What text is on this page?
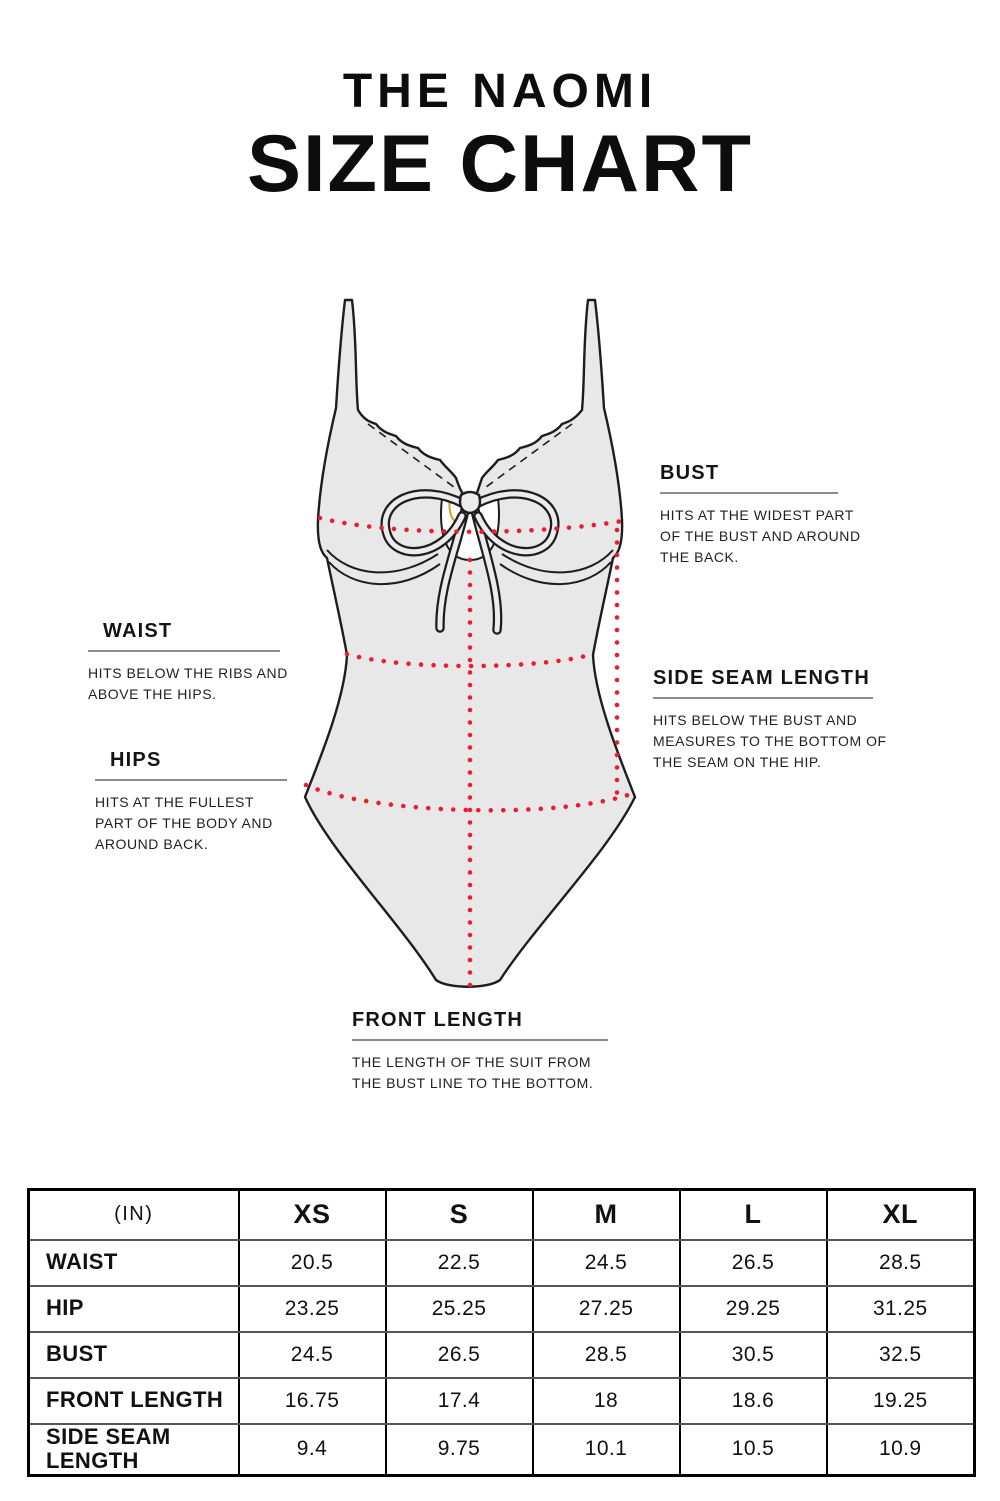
THE NAOMI
SIZE CHART
BUST

HITS AT THE WIDEST PART OF THE BUST AND AROUND THE BACK.

WAIST

HITS BELOW THE RIBS AND ABOVE THE HIPS.

SIDE SEAM LENGTH

HITS BELOW THE BUST AND MEASURES TO THE BOTTOM OF THE SEAM ON THE HIP.

HIPS

HITS AT THE FULLEST PART OF THE BODY AND AROUND BACK.

FRONT LENGTH

THE LENGTH OF THE SUIT FROM THE BUST LINE TO THE BOTTOM.

(IN)	XS	S	M	L	XL
WAIST	20.5	22.5	24.5	26.5	28.5
HIP	23.25	25.25	27.25	29.25	31.25
BUST	24.5	26.5	28.5	30.5	32.5
FRONT LENGTH	16.75	17.4	18	18.6	19.25
SIDE SEAM LENGTH	9.4	9.75	10.1	10.5	10.9
